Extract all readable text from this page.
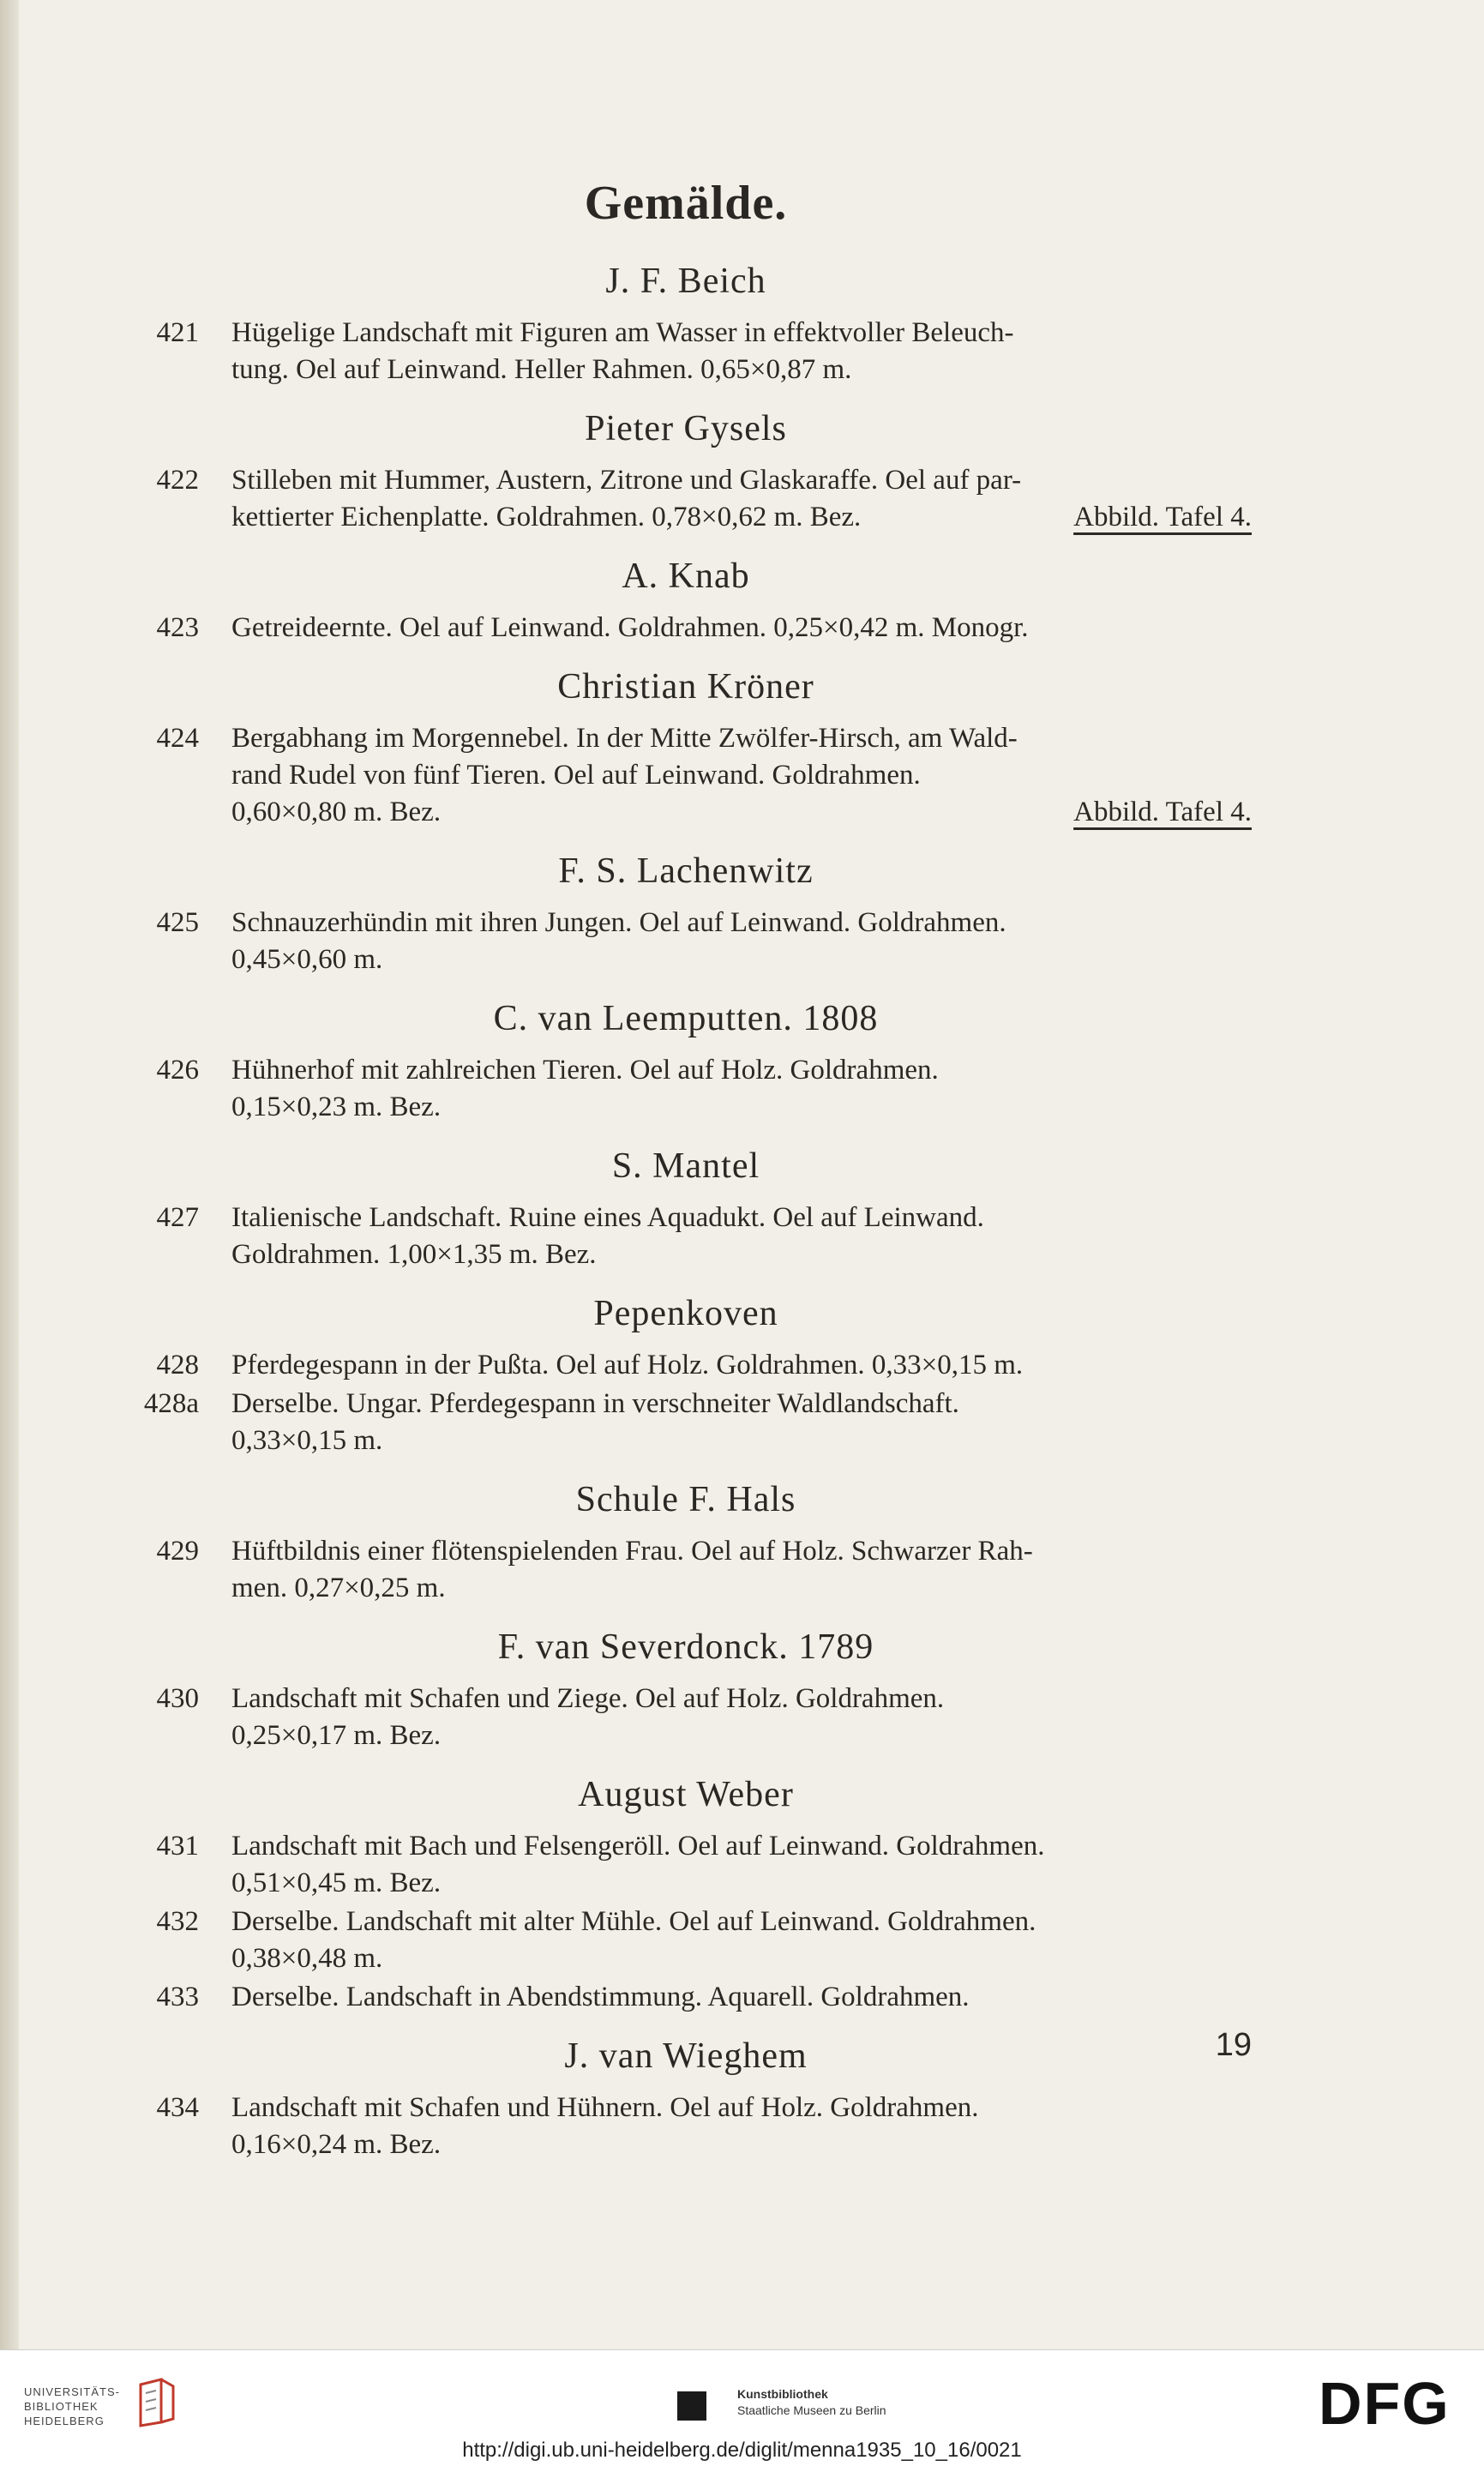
Gemälde.
J. F. Beich
421 Hügelige Landschaft mit Figuren am Wasser in effektvoller Beleuch-
tung. Oel auf Leinwand. Heller Rahmen. 0,65×0,87 m.
Pieter Gysels
422 Stilleben mit Hummer, Austern, Zitrone und Glaskaraffe. Oel auf par-
kettierter Eichenplatte. Goldrahmen. 0,78×0,62 m. Bez.	Abbild. Tafel 4.
A. Knab
423 Getreideernte. Oel auf Leinwand. Goldrahmen. 0,25×0,42 m. Monogr.
Christian Kröner
424 Bergabhang im Morgennebel. In der Mitte Zwölfer-Hirsch, am Wald-
rand Rudel von fünf Tieren. Oel auf Leinwand. Goldrahmen.
0,60×0,80 m. Bez.	Abbild. Tafel 4.
F. S. Lachenwitz
425 Schnauzerhündin mit ihren Jungen. Oel auf Leinwand. Goldrahmen.
0,45×0,60 m.
C. van Leemputten. 1808
426 Hühnerhof mit zahlreichen Tieren. Oel auf Holz. Goldrahmen.
0,15×0,23 m. Bez.
S. Mantel
427 Italienische Landschaft. Ruine eines Aquadukt. Oel auf Leinwand.
Goldrahmen. 1,00×1,35 m. Bez.
Pepenkoven
428 Pferdegespann in der Pußta. Oel auf Holz. Goldrahmen. 0,33×0,15 m.
428a Derselbe. Ungar. Pferdegespann in verschneiter Waldlandschaft.
0,33×0,15 m.
Schule F. Hals
429 Hüftbildnis einer flötenspielenden Frau. Oel auf Holz. Schwarzer Rah-
men. 0,27×0,25 m.
F. van Severdonck. 1789
430 Landschaft mit Schafen und Ziege. Oel auf Holz. Goldrahmen.
0,25×0,17 m. Bez.
August Weber
431 Landschaft mit Bach und Felsengeröll. Oel auf Leinwand. Goldrahmen.
0,51×0,45 m. Bez.
432 Derselbe. Landschaft mit alter Mühle. Oel auf Leinwand. Goldrahmen.
0,38×0,48 m.
433 Derselbe. Landschaft in Abendstimmung. Aquarell. Goldrahmen.
J. van Wieghem
434 Landschaft mit Schafen und Hühnern. Oel auf Holz. Goldrahmen.
0,16×0,24 m. Bez.
19
UNIVERSITÄTS-
BIBLIOTHEK
HEIDELBERG
Kunstbibliothek
Staatliche Museen zu Berlin	DFG
http://digi.ub.uni-heidelberg.de/diglit/menna1935_10_16/0021
